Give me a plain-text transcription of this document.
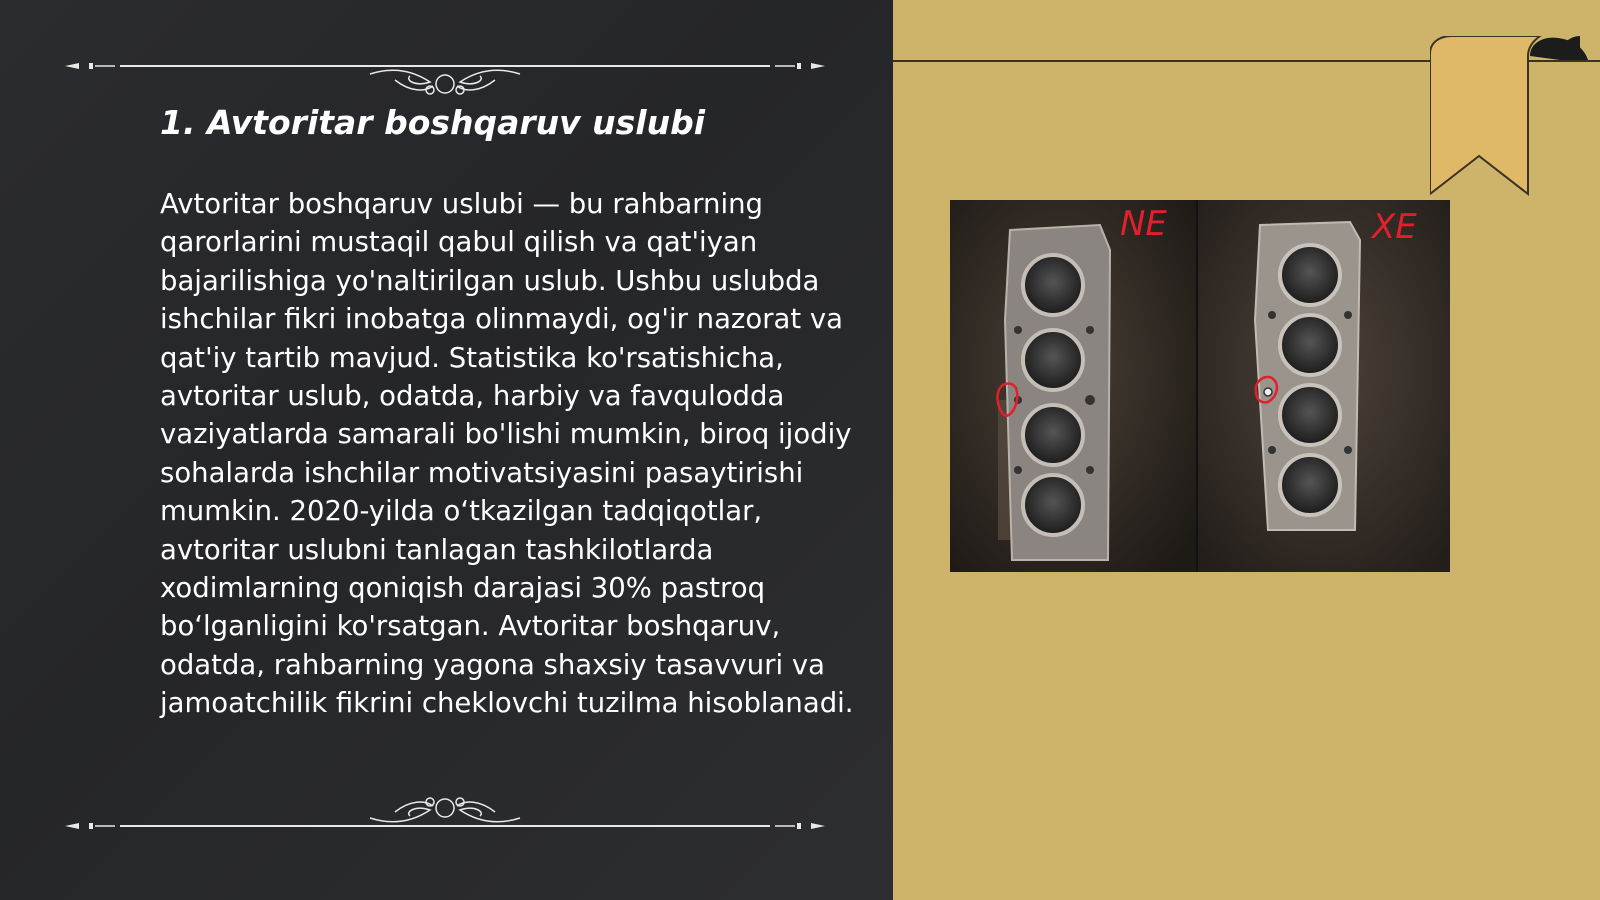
1. Avtoritar boshqaruv uslubi

Avtoritar boshqaruv uslubi — bu rahbarning qarorlarini mustaqil qabul qilish va qat'iyan bajarilishiga yo'naltirilgan uslub. Ushbu uslubda ishchilar fikri inobatga olinmaydi, og'ir nazorat va qat'iy tartib mavjud. Statistika ko'rsatishicha, avtoritar uslub, odatda, harbiy va favqulodda vaziyatlarda samarali bo'lishi mumkin, biroq ijodiy sohalarda ishchilar motivatsiyasini pasaytirishi mumkin. 2020-yilda o‘tkazilgan tadqiqotlar, avtoritar uslubni tanlagan tashkilotlarda xodimlarning qoniqish darajasi 30% pastroq bo‘lganligini ko'rsatgan. Avtoritar boshqaruv, odatda, rahbarning yagona shaxsiy tasavvuri va jamoatchilik fikrini cheklovchi tuzilma hisoblanadi.

NE	XE
